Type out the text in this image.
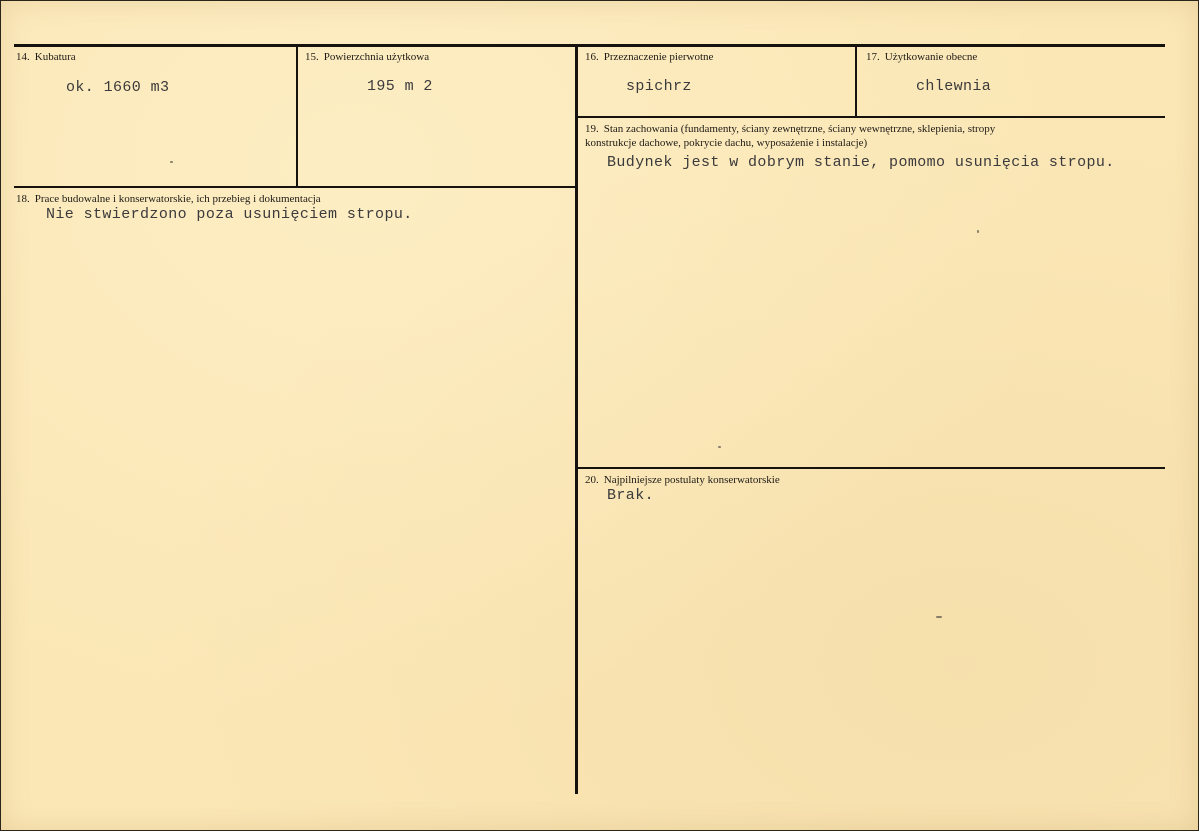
14. Kubatura
ok. 1660 m3
15. Powierzchnia użytkowa
195 m 2
16. Przeznaczenie pierwotne
spichrz
17. Użytkowanie obecne
chlewnia
18. Prace budowalne i konserwatorskie, ich przebieg i dokumentacja
Nie stwierdzono poza usunięciem stropu.
19. Stan zachowania (fundamenty, ściany zewnętrzne, ściany wewnętrzne, sklepienia, stropy
konstrukcje dachowe, pokrycie dachu, wyposażenie i instalacje)
Budynek jest w dobrym stanie, pomomo usunięcia stropu.
20. Najpilniejsze postulaty konserwatorskie
Brak.
